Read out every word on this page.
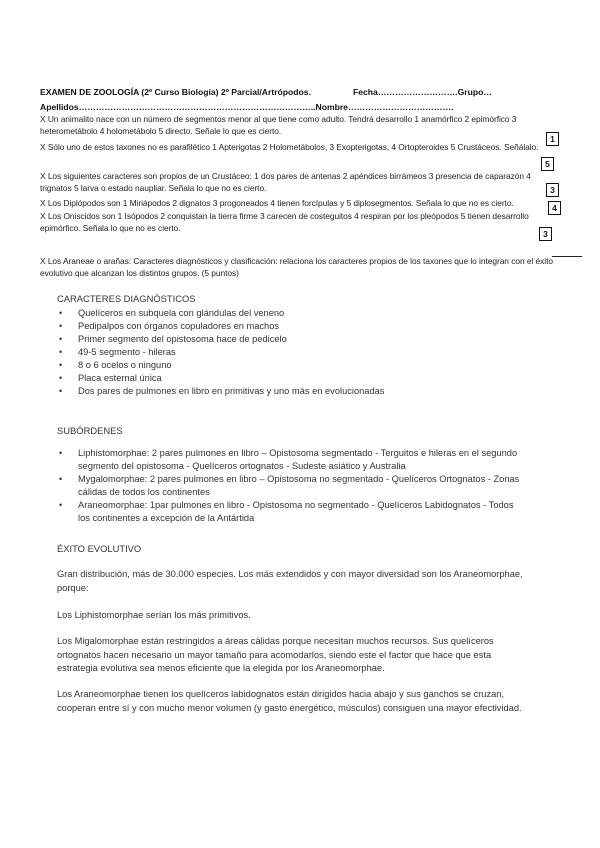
EXAMEN DE ZOOLOGÍA (2º Curso Biología) 2º Parcial/Artrópodos.	Fecha……………………….Grupo…
Apellidos………………………………………………………………………..Nombre……………………………….
X Un animalito nace con un número de segmentos menor al que tiene como adulto. Tendrá desarrollo 1 anamórfico 2 epimórfico 3 heterometábolo 4 holometábolo 5 directo. Señale lo que es cierto.
1
X Sólo uno de estos taxones no es parafilético 1 Apterigotas 2 Holometábolos, 3 Exopterigotas, 4 Ortopteroides 5 Crustáceos. Señálalo.
5
X Los siguientes caracteres son propios de un Crustáceo: 1 dos pares de antenas 2 apéndices birrámeos 3 presencia de caparazón 4 trignatos 5 larva o estado naupliar. Señala lo que no es cierto.	3
X Los Diplópodos son 1 Miriápodos 2 dignatos 3 progoneados 4 tienen forcípulas y 5 diplosegmentos. Señala lo que no es cierto.	4
X Los Oniscidos son 1 Isópodos 2 conquistan la tierra firme 3 carecen de costeguitos 4 respiran por los pleópodos 5 tienen desarrollo epimórfico. Señala lo que no es cierto.
3
X Los Araneae o arañas: Caracteres diagnósticos y clasificación: relaciona los caracteres propios de los taxones que lo integran con el éxito evolutivo que alcanzan los distintos grupos. (5 puntos)
CARACTERES DIAGNÓSTICOS
• Quelíceros en subquela con glándulas del veneno
• Pedipalpos con órganos copuladores en machos
• Primer segmento del opistosoma hace de pedicelo
• 49-5 segmento - hileras
• 8 o 6 ocelos o ninguno
• Placa esternal única
• Dos pares de pulmones en libro en primitivas y uno más en evolucionadas
SUBÓRDENES
• Liphistomorphae: 2 pares pulmones en libro – Opistosoma segmentado - Terguitos e hileras en el segundo segmento del opistosoma - Quelíceros ortognatos - Sudeste asiático y Australia
• Mygalomorphae: 2 pares pulmones en libro – Opistosoma no segmentado - Quelíceros Ortognatos - Zonas cálidas de todos los continentes
• Araneomorphae: 1par pulmones en libro - Opistosoma no segmentado - Quelíceros Labidognatos - Todos los continentes a excepción de la Antártida
ÉXITO EVOLUTIVO
Gran distribución, más de 30.000 especies. Los más extendidos y con mayor diversidad son los Araneomorphae, porque:
Los Liphistomorphae serían los más primitivos.
Los Migalomorphae están restringidos a áreas cálidas porque necesitan muchos recursos. Sus quelíceros ortognatos hacen necesario un mayor tamaño para acomodarlos, siendo este el factor que hace que esta estrategia evolutiva sea menos eficiente que la elegida por los Araneomorphae.
Los Araneomorphae tienen los quelíceros labidognatos están dirigidos hacia abajo y sus ganchos se cruzan, cooperan entre sí y con mucho menor volumen (y gasto energético, músculos) consiguen una mayor efectividad.
